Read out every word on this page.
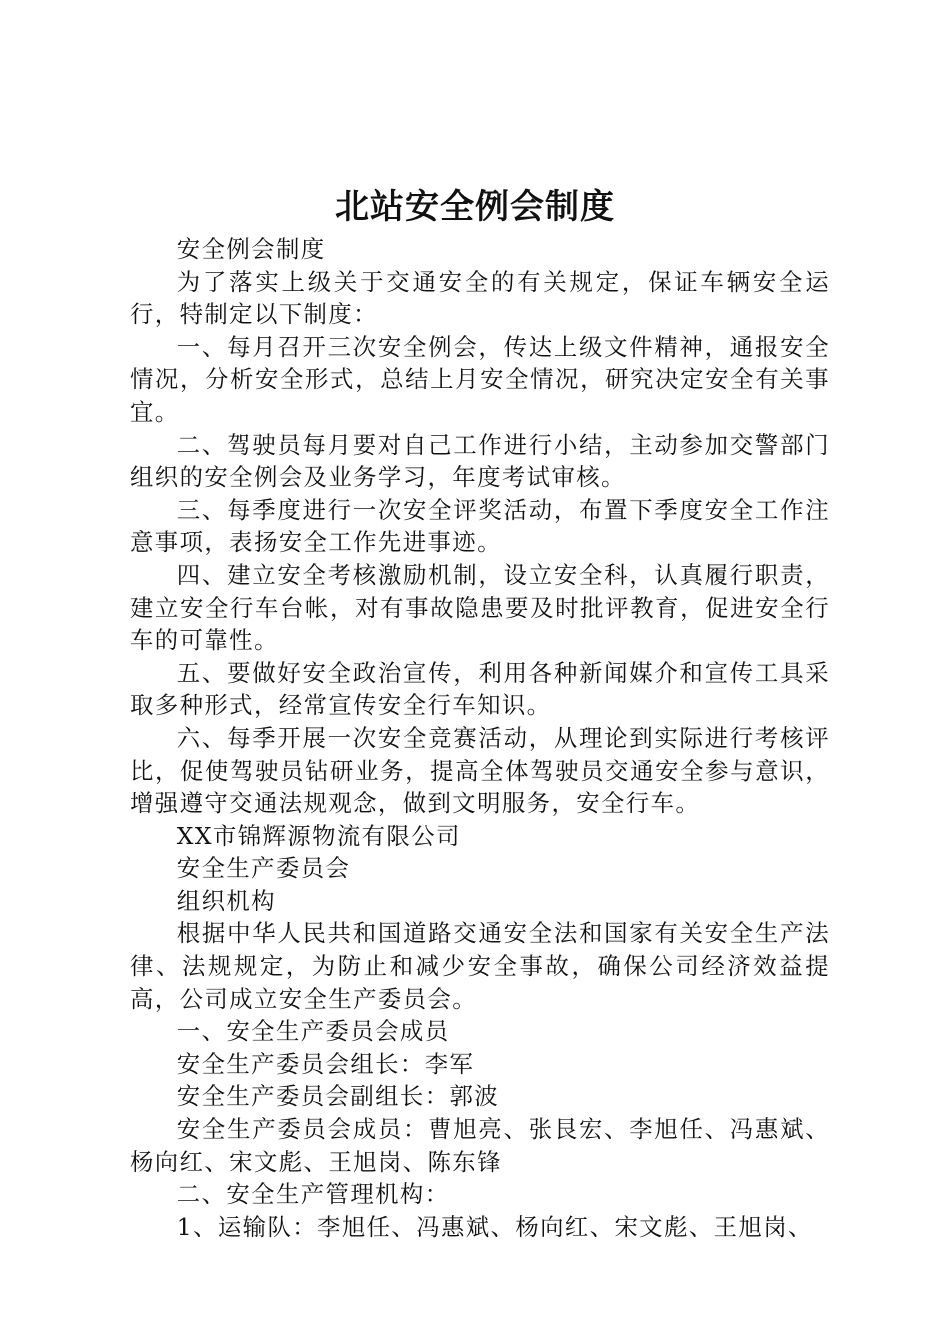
北站安全例会制度

安全例会制度

为了落实上级关于交通安全的有关规定，保证车辆安全运行，特制定以下制度：

一、每月召开三次安全例会，传达上级文件精神，通报安全情况，分析安全形式，总结上月安全情况，研究决定安全有关事宜。

二、驾驶员每月要对自己工作进行小结，主动参加交警部门组织的安全例会及业务学习，年度考试审核。

三、每季度进行一次安全评奖活动，布置下季度安全工作注意事项，表扬安全工作先进事迹。

四、建立安全考核激励机制，设立安全科，认真履行职责，建立安全行车台帐，对有事故隐患要及时批评教育，促进安全行车的可靠性。

五、要做好安全政治宣传，利用各种新闻媒介和宣传工具采取多种形式，经常宣传安全行车知识。

六、每季开展一次安全竞赛活动，从理论到实际进行考核评比，促使驾驶员钻研业务，提高全体驾驶员交通安全参与意识，增强遵守交通法规观念，做到文明服务，安全行车。

XX市锦辉源物流有限公司

安全生产委员会

组织机构

根据中华人民共和国道路交通安全法和国家有关安全生产法律、法规规定，为防止和减少安全事故，确保公司经济效益提高，公司成立安全生产委员会。

一、安全生产委员会成员

安全生产委员会组长：李军

安全生产委员会副组长：郭波

安全生产委员会成员：曹旭亮、张艮宏、李旭任、冯惠斌、杨向红、宋文彪、王旭岗、陈东锋

二、安全生产管理机构：

1、运输队：李旭任、冯惠斌、杨向红、宋文彪、王旭岗、
